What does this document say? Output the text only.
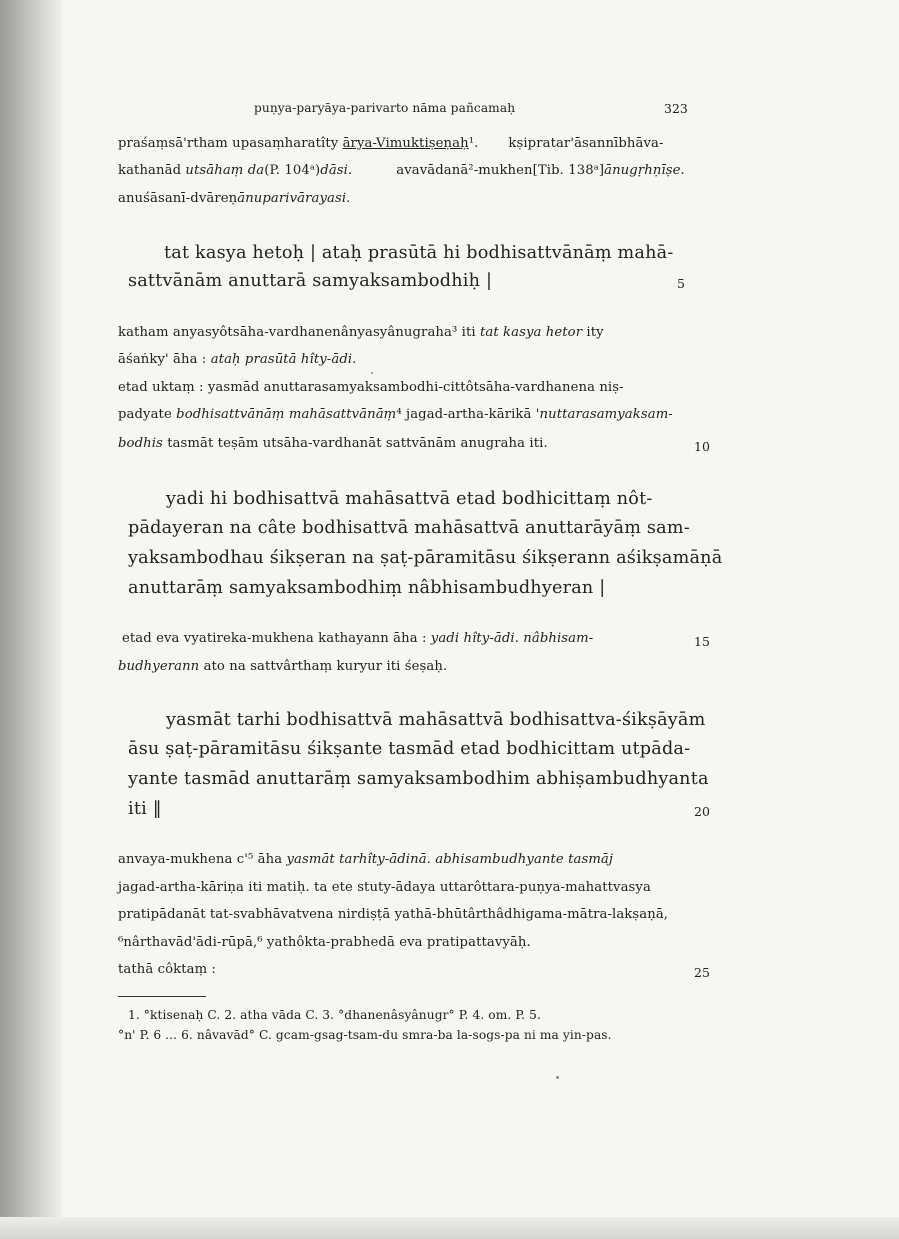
puṇya-paryāya-parivarto nāma pañcamaḥ	323
praśaṃsā'rtham upasaṃharatîty ārya-Vimuktiṣeṇaḥ¹. kṣipratar'āsannībhāva-
kathanād utsāhaṃ da(P. 104ᵃ)dāsi.	avavādanā²-mukhen[Tib. 138ᵃ]ānugṛhṇīṣe.
anuśāsanī-dvāreṇānuparivārayasi.
tat kasya hetoḥ | ataḥ prasūtā hi bodhisattvānāṃ mahā-
sattvānām anuttarā samyaksambodhiḥ |	5
katham anyasyôtsāha-vardhanenânyasyânugraha³ iti tat kasya hetor ity
āśaṅky' āha : ataḥ prasūtā hîty-ādi.
etad uktaṃ : yasmād anuttarasamyaksambodhi-cittôtsāha-vardhanena niṣ-
padyate bodhisattvānāṃ mahāsattvānāṃ⁴ jagad-artha-kārikā 'nuttarasamyaksam-
bodhis tasmāt teṣām utsāha-vardhanāt sattvānām anugraha iti.	10
yadi hi bodhisattvā mahāsattvā etad bodhicittaṃ nôt-
pādayeran na câte bodhisattvā mahāsattvā anuttarāyāṃ sam-
yaksambodhau śikṣeran na ṣaṭ-pāramitāsu śikṣerann aśikṣamāṇā
anuttarāṃ samyaksambodhiṃ nâbhisambudhyeran |
etad eva vyatireka-mukhena kathayann āha : yadi hîty-ādi. nâbhisam-	15
budhyerann ato na sattvârthaṃ kuryur iti śeṣaḥ.
yasmāt tarhi bodhisattvā mahāsattvā bodhisattva-śikṣāyām
āsu ṣaṭ-pāramitāsu śikṣante tasmād etad bodhicittam utpāda-
yante tasmād anuttarāṃ samyaksambodhim abhiṣambudhyanta
iti ‖	20
anvaya-mukhena c'⁵ āha yasmāt tarhîty-ādinā. abhisambudhyante tasmāj
jagad-artha-kāriṇa iti matiḥ. ta ete stuty-ādaya uttarôttara-puṇya-mahattvasya
pratipādanāt tat-svabhāvatvena nirdiṣṭā yathā-bhūtârthâdhigama-mātra-lakṣaṇā,
⁶nârthavād'ādi-rūpā,⁶ yathôkta-prabhedā eva pratipattavyāḥ.
tathā côktaṃ :	25
1. °ktisenaḥ C. 2. atha vāda C. 3. °dhanenâsyânugr° P. 4. om. P. 5.
°n' P. 6 ... 6. nâvavād° C. gcam-gsag-tsam-du smra-ba la-sogs-pa ni ma yin-pas.
